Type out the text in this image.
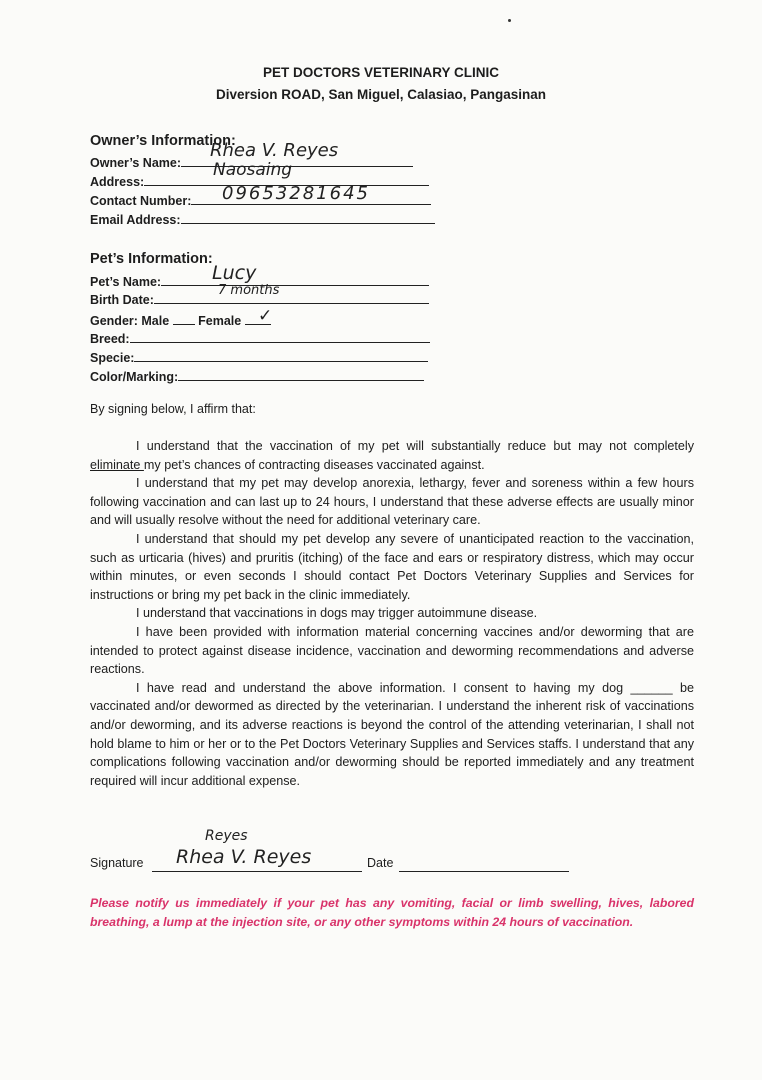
PET DOCTORS VETERINARY CLINIC
Diversion ROAD, San Miguel, Calasiao, Pangasinan
Owner’s Information:
Owner’s Name:
Rhea V. Reyes
Address:
Naosaing
Contact Number:	09653281645
Email Address:
Pet’s Information:
Pet’s Name:	Lucy
Birth Date:
7 months
Gender: Male Female ✓
Breed:
Specie:
Color/Marking:
By signing below, I affirm that:

I understand that the vaccination of my pet will substantially reduce but may not completely eliminate my pet’s chances of contracting diseases vaccinated against.

I understand that my pet may develop anorexia, lethargy, fever and soreness within a few hours following vaccination and can last up to 24 hours, I understand that these adverse effects are usually minor and will usually resolve without the need for additional veterinary care.

I understand that should my pet develop any severe of unanticipated reaction to the vaccination, such as urticaria (hives) and pruritis (itching) of the face and ears or respiratory distress, which may occur within minutes, or even seconds I should contact Pet Doctors Veterinary Supplies and Services for instructions or bring my pet back in the clinic immediately.

I understand that vaccinations in dogs may trigger autoimmune disease.

I have been provided with information material concerning vaccines and/or deworming that are intended to protect against disease incidence, vaccination and deworming recommendations and adverse reactions.

I have read and understand the above information. I consent to having my dog ______ be vaccinated and/or dewormed as directed by the veterinarian. I understand the inherent risk of vaccinations and/or deworming, and its adverse reactions is beyond the control of the attending veterinarian, I shall not hold blame to him or her or to the Pet Doctors Veterinary Supplies and Services staffs. I understand that any complications following vaccination and/or deworming should be reported immediately and any treatment required will incur additional expense.

Signature	Date
Reyes
Rhea V. Reyes
Please notify us immediately if your pet has any vomiting, facial or limb swelling, hives, labored breathing, a lump at the injection site, or any other symptoms within 24 hours of vaccination.
